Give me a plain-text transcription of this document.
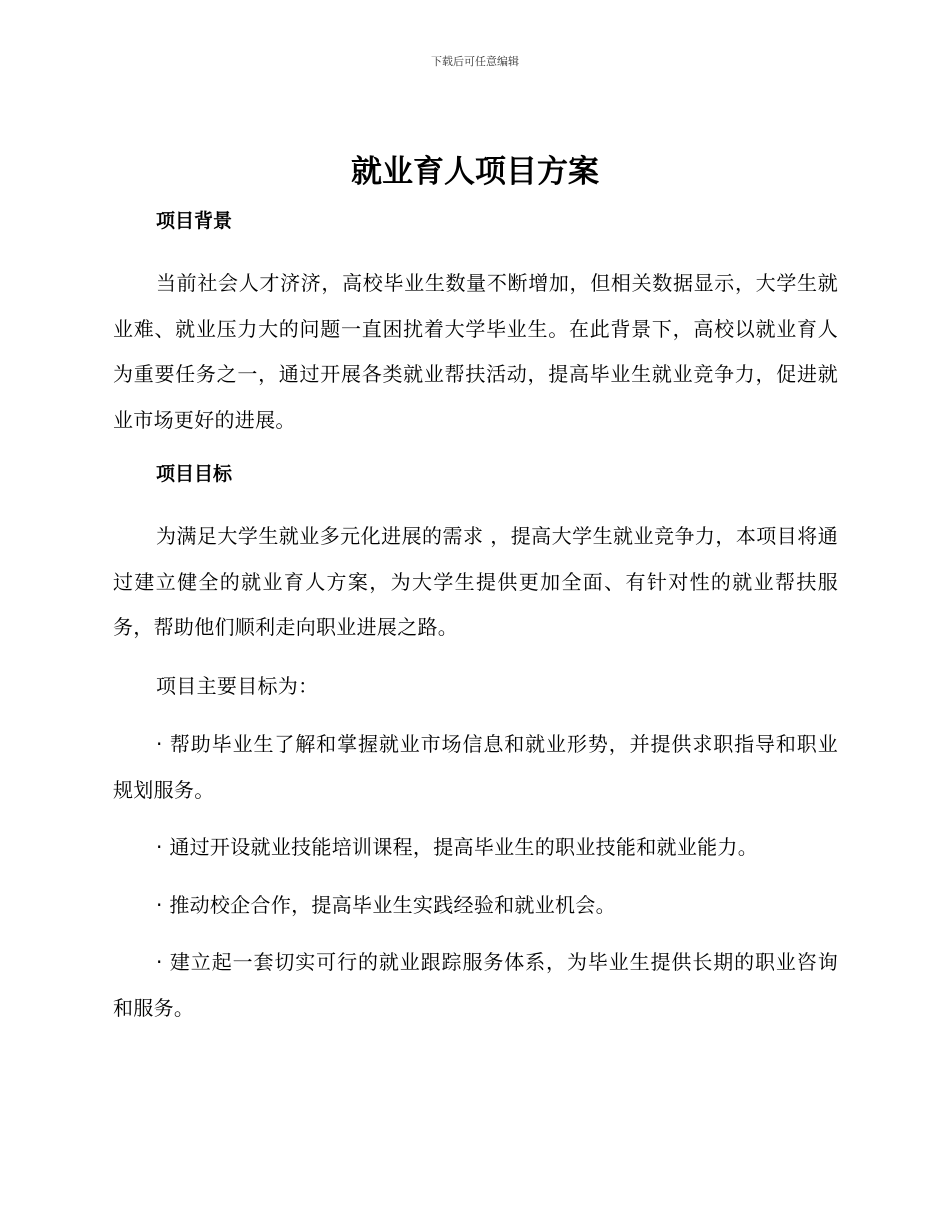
下载后可任意编辑
就业育人项目方案
项目背景

当前社会人才济济，高校毕业生数量不断增加，但相关数据显示，大学生就业难、就业压力大的问题一直困扰着大学毕业生。在此背景下，高校以就业育人为重要任务之一，通过开展各类就业帮扶活动，提高毕业生就业竞争力，促进就业市场更好的进展。

项目目标

为满足大学生就业多元化进展的需求 ，提高大学生就业竞争力，本项目将通过建立健全的就业育人方案，为大学生提供更加全面、有针对性的就业帮扶服务，帮助他们顺利走向职业进展之路。

项目主要目标为：

· 帮助毕业生了解和掌握就业市场信息和就业形势，并提供求职指导和职业规划服务。

· 通过开设就业技能培训课程，提高毕业生的职业技能和就业能力。

· 推动校企合作，提高毕业生实践经验和就业机会。

· 建立起一套切实可行的就业跟踪服务体系，为毕业生提供长期的职业咨询和服务。
